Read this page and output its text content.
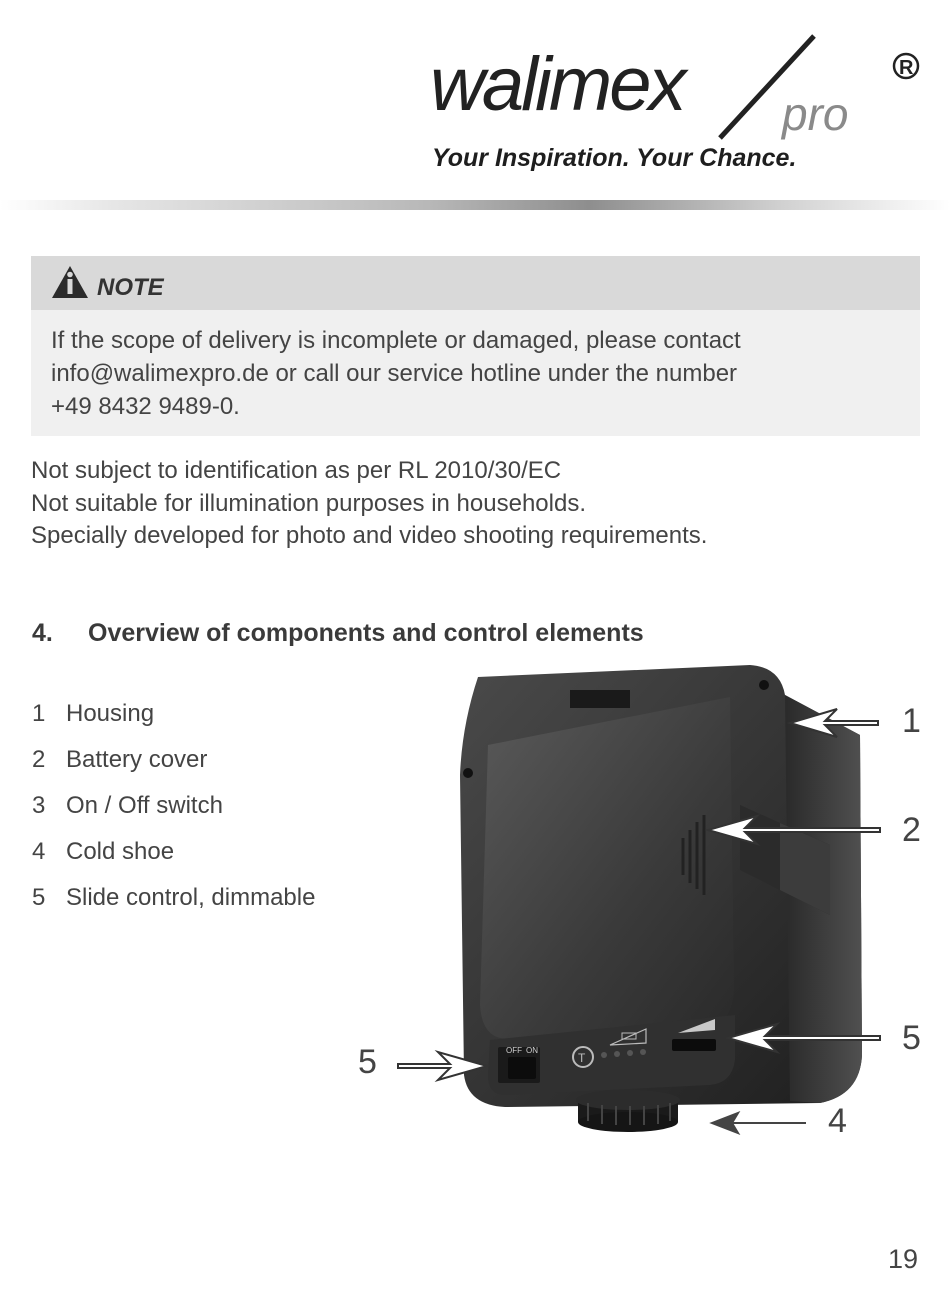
walimex pro
R
Your Inspiration. Your Chance.
NOTE
If the scope of delivery is incomplete or damaged, please contact
info@walimexpro.de or call our service hotline under the number
+49 8432 9489-0.
Not subject to identification as per RL 2010/30/EC
Not suitable for illumination purposes in households.
Specially developed for photo and video shooting requirements.
4. Overview of components and control elements
1 Housing
2 Battery cover
3 On / Off switch
4 Cold shoe
5 Slide control, dimmable
OFF ON
T
1
2
5
4
5
19
